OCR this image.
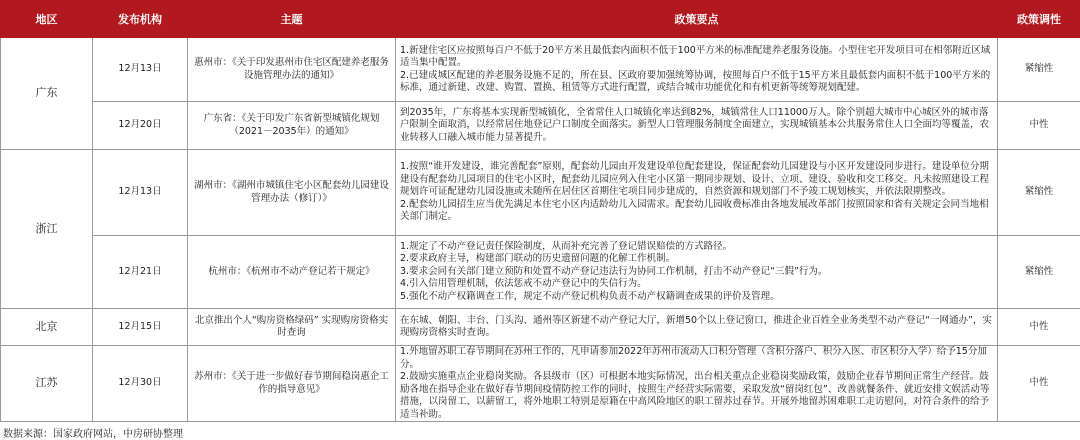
地区	发布机构	主题	政策要点	政策调性
广东	12月13日	惠州市：《关于印发惠州市住宅区配建养老服务设施管理办法的通知》	1.新建住宅区应按照每百户不低于20平方米且最低套内面积不低于100平方米的标准配建养老服务设施。小型住宅开发项目可在相邻附近区域适当集中配置。
2.已建成城区配建的养老服务设施不足的，所在县、区政府要加强统筹协调，按照每百户不低于15平方米且最低套内面积不低于100平方米的标准，通过新建、改建、购置、置换、租赁等方式进行配置，或结合城市功能优化和有机更新等统筹规划配建。	紧缩性
	12月20日	广东省：《关于印发广东省新型城镇化规划（2021－2035年）的通知》	到2035年，广东将基本实现新型城镇化，全省常住人口城镇化率达到82%，城镇常住人口11000万人。除个别超大城市中心城区外的城市落户限制全面取消，以经常居住地登记户口制度全面落实。新型人口管理服务制度全面建立，实现城镇基本公共服务常住人口全面均等覆盖，农业转移人口融入城市能力显著提升。	中性
浙江	12月13日	湖州市：《湖州市城镇住宅小区配套幼儿园建设管理办法（修订）》	1.按照“谁开发建设，谁完善配套”原则，配套幼儿园由开发建设单位配套建设，保证配套幼儿园建设与小区开发建设同步进行。建设单位分期建设有配套幼儿园项目的住宅小区时，配套幼儿园应列入住宅小区第一期同步规划、设计、立项、建设、验收和交工移交。凡未按照建设工程规划许可证配建幼儿园设施或未随所在居住区首期住宅项目同步建成的，自然资源和规划部门不予竣工规划核实，并依法限期整改。
2.配套幼儿园招生应当优先满足本住宅小区内适龄幼儿入园需求。配套幼儿园收费标准由各地发展改革部门按照国家和省有关规定会同当地相关部门制定。	紧缩性
	12月21日	杭州市：《杭州市不动产登记若干规定》	1.规定了不动产登记责任保险制度，从而补充完善了登记错误赔偿的方式路径。
2.要求政府主导，构建部门联动的历史遗留问题的化解工作机制。
3.要求会同有关部门建立预防和处置不动产登记违法行为协同工作机制，打击不动产登记“三假”行为。
4.引入信用管理机制，依法惩戒不动产登记中的失信行为。
5.强化不动产权籍调查工作，规定不动产登记机构负责不动产权籍调查成果的评价及管理。	紧缩性
北京	12月15日	北京推出个人“购房资格绿码” 实现购房资格实时查询	在东城、朝阳、丰台、门头沟、通州等区新建不动产登记大厅，新增50个以上登记窗口，推进企业百姓全业务类型不动产登记“一网通办”，实现购房资格实时查询。	中性
江苏	12月30日	苏州市：《关于进一步做好春节期间稳岗惠企工作的指导意见》	1.外地留苏职工春节期间在苏州工作的，凡申请参加2022年苏州市流动人口积分管理（含积分落户、积分入医、市区积分入学）给予15分加分。
2.鼓励实施重点企业稳岗奖励。各县级市（区）可根据本地实际情况，出台相关重点企业稳岗奖励政策，鼓励企业春节期间正常生产经营。鼓励各地在指导企业在做好春节期间疫情防控工作的同时，按照生产经营实际需要，采取发放“留岗红包”、改善就餐条件、就近安排文娱活动等措施，以岗留工、以薪留工，将外地职工特别是原籍在中高风险地区的职工留苏过春节。开展外地留苏困难职工走访慰问，对符合条件的给予适当补助。	中性
数据来源：国家政府网站，中房研协整理
